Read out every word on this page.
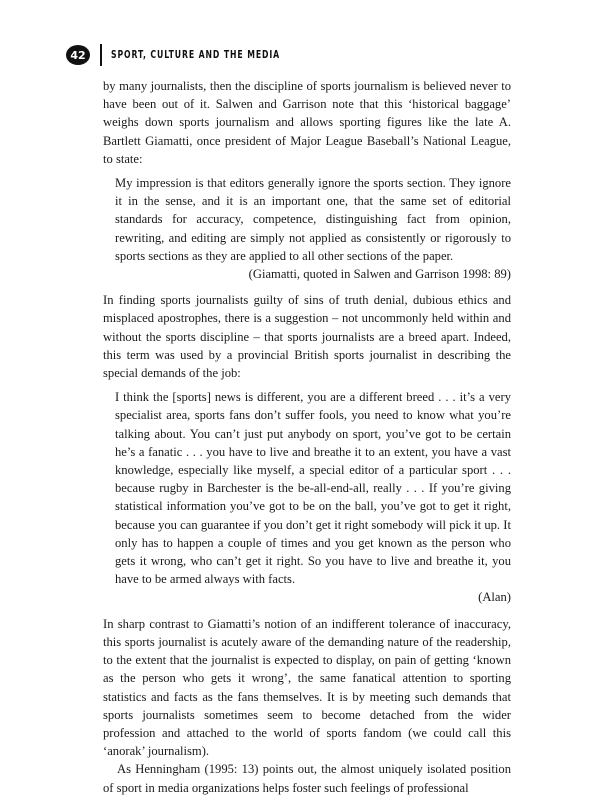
42	SPORT, CULTURE AND THE MEDIA

by many journalists, then the discipline of sports journalism is believed never to have been out of it. Salwen and Garrison note that this ‘historical baggage’ weighs down sports journalism and allows sporting figures like the late A. Bartlett Giamatti, once president of Major League Baseball’s National League, to state:

My impression is that editors generally ignore the sports section. They ignore it in the sense, and it is an important one, that the same set of editorial standards for accuracy, competence, distinguishing fact from opinion, rewriting, and editing are simply not applied as consistently or rigorously to sports sections as they are applied to all other sections of the paper.

(Giamatti, quoted in Salwen and Garrison 1998: 89)

In finding sports journalists guilty of sins of truth denial, dubious ethics and misplaced apostrophes, there is a suggestion – not uncommonly held within and without the sports discipline – that sports journalists are a breed apart. Indeed, this term was used by a provincial British sports journalist in describing the special demands of the job:

I think the [sports] news is different, you are a different breed . . . it’s a very specialist area, sports fans don’t suffer fools, you need to know what you’re talking about. You can’t just put anybody on sport, you’ve got to be certain he’s a fanatic . . . you have to live and breathe it to an extent, you have a vast knowledge, especially like myself, a special editor of a particular sport . . . because rugby in Barchester is the be-all-end-all, really . . . If you’re giving statistical information you’ve got to be on the ball, you’ve got to get it right, because you can guarantee if you don’t get it right somebody will pick it up. It only has to happen a couple of times and you get known as the person who gets it wrong, who can’t get it right. So you have to live and breathe it, you have to be armed always with facts.

(Alan)

In sharp contrast to Giamatti’s notion of an indifferent tolerance of inaccuracy, this sports journalist is acutely aware of the demanding nature of the readership, to the extent that the journalist is expected to display, on pain of getting ‘known as the person who gets it wrong’, the same fanatical attention to sporting statistics and facts as the fans themselves. It is by meeting such demands that sports journalists sometimes seem to become detached from the wider profession and attached to the world of sports fandom (we could call this ‘anorak’ journalism).

As Henningham (1995: 13) points out, the almost uniquely isolated position of sport in media organizations helps foster such feelings of professional
